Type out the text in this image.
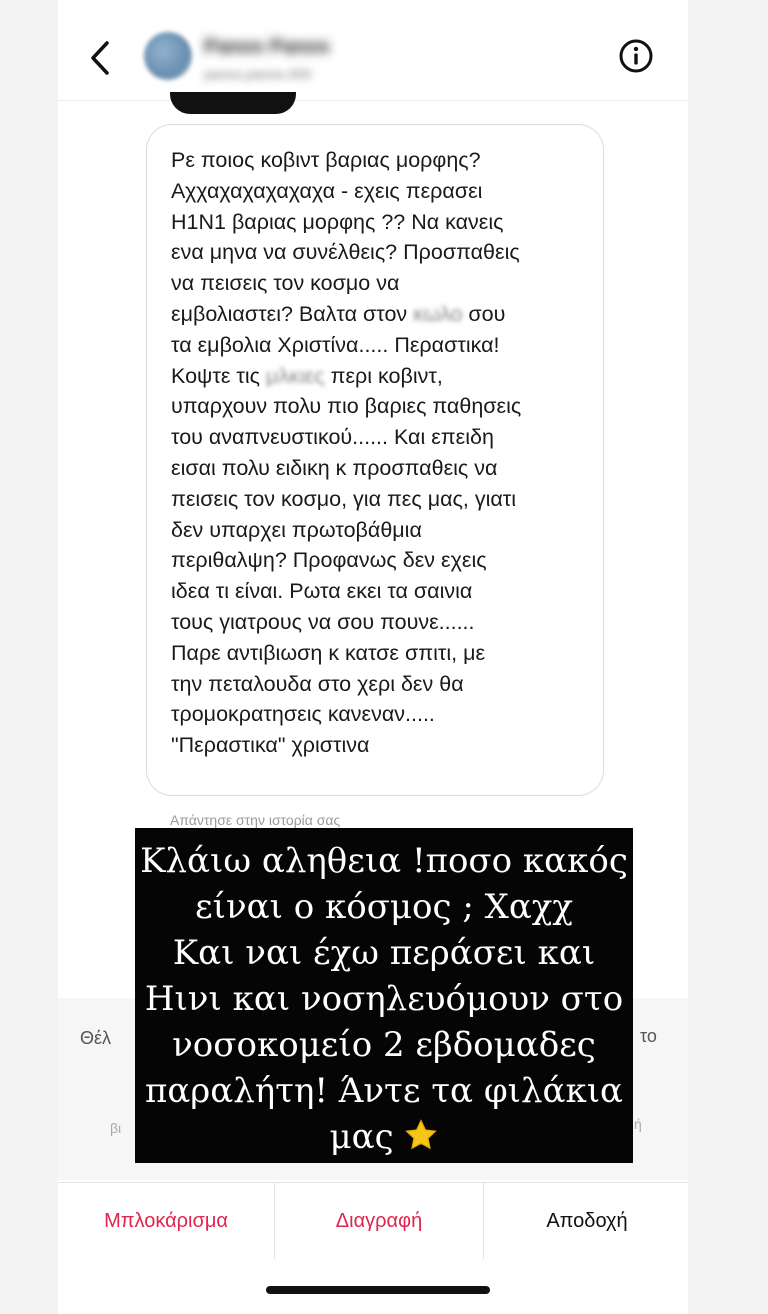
Panos Panos
panos.panos.000
Ρε ποιος κοβιντ βαριας μορφης?
Αχχαχαχαχαχαχα - εχεις περασει
H1N1 βαριας μορφης ?? Να κανεις
ενα μηνα να συνέλθεις? Προσπαθεις
να πεισεις τον κοσμο να
εμβολιαστει? Βαλτα στον κωλο σου
τα εμβολια Χριστίνα..... Περαστικα!
Κοψτε τις μλκιες περι κοβιντ,
υπαρχουν πολυ πιο βαριες παθησεις
του αναπνευστικού...... Και επειδη
εισαι πολυ ειδικη κ προσπαθεις να
πεισεις τον κοσμο, για πες μας, γιατι
δεν υπαρχει πρωτοβάθμια
περιθαλψη? Προφανως δεν εχεις
ιδεα τι είναι. Ρωτα εκει τα σαινια
τους γιατρους να σου πουνε......
Παρε αντιβιωση κ κατσε σπιτι, με
την πεταλουδα στο χερι δεν θα
τρομοκρατησεις κανεναν.....
"Περαστικα" χριστινα
Απάντησε στην ιστορία σας
Θέλ	το
βι	ή
Μπλοκάρισμα	Διαγραφή	Αποδοχή
Κλάιω αληθεια !ποσο κακός
είναι ο κόσμος ; Χαχχ
Και ναι έχω περάσει και
Ηινι και νοσηλευόμουν στο
νοσοκομείο 2 εβδομαδες
παραλήτη! Άντε τα φιλάκια
μας
